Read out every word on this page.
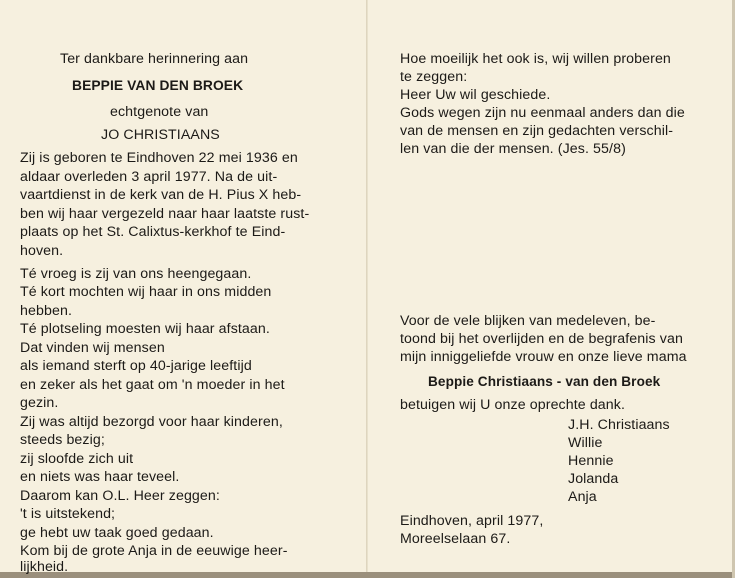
Ter dankbare herinnering aan
BEPPIE VAN DEN BROEK
echtgenote van
JO CHRISTIAANS
Zij is geboren te Eindhoven 22 mei 1936 en
aldaar overleden 3 april 1977. Na de uit-
vaartdienst in de kerk van de H. Pius X heb-
ben wij haar vergezeld naar haar laatste rust-
plaats op het St. Calixtus-kerkhof te Eind-
hoven.
Té vroeg is zij van ons heengegaan.
Té kort mochten wij haar in ons midden
hebben.
Té plotseling moesten wij haar afstaan.
Dat vinden wij mensen
als iemand sterft op 40-jarige leeftijd
en zeker als het gaat om 'n moeder in het
gezin.
Zij was altijd bezorgd voor haar kinderen,
steeds bezig;
zij sloofde zich uit
en niets was haar teveel.
Daarom kan O.L. Heer zeggen:
't is uitstekend;
ge hebt uw taak goed gedaan.
Kom bij de grote Anja in de eeuwige heer-
lijkheid.
Hoe moeilijk het ook is, wij willen proberen
te zeggen:
Heer Uw wil geschiede.
Gods wegen zijn nu eenmaal anders dan die
van de mensen en zijn gedachten verschil-
len van die der mensen. (Jes. 55/8)
Voor de vele blijken van medeleven, be-
toond bij het overlijden en de begrafenis van
mijn inniggeliefde vrouw en onze lieve mama
Beppie Christiaans - van den Broek
betuigen wij U onze oprechte dank.
J.H. Christiaans
Willie
Hennie
Jolanda
Anja
Eindhoven, april 1977,
Moreelselaan 67.
